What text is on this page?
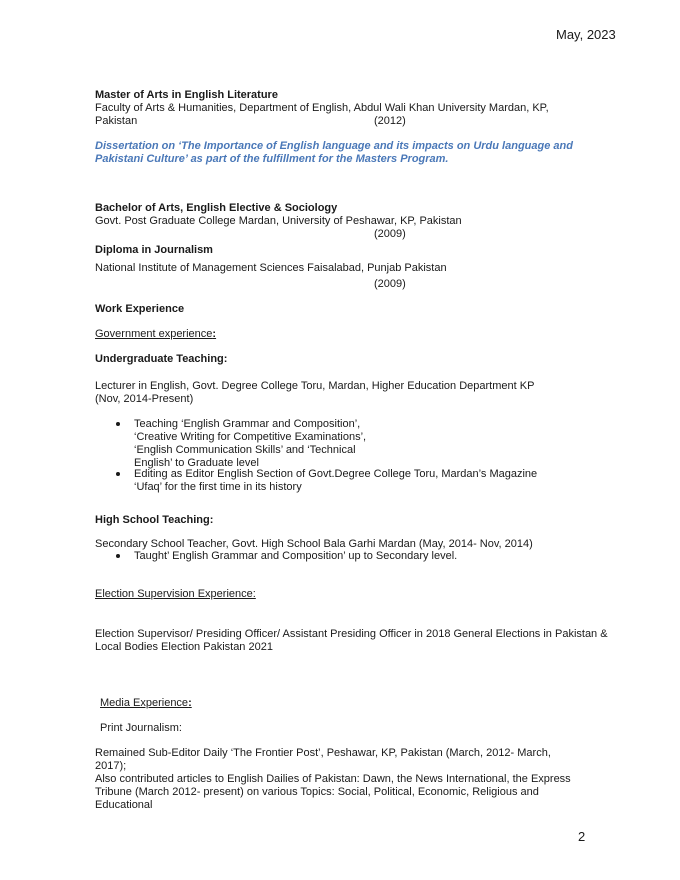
May, 2023
Master of Arts in English Literature
Faculty of Arts & Humanities, Department of English, Abdul Wali Khan University Mardan, KP,
Pakistan	(2012)
Dissertation on ‘The Importance of English language and its impacts on Urdu language and
Pakistani Culture’ as part of the fulfillment for the Masters Program.
Bachelor of Arts, English Elective & Sociology
Govt. Post Graduate College Mardan, University of Peshawar, KP, Pakistan
(2009)
Diploma in Journalism
National Institute of Management Sciences Faisalabad, Punjab Pakistan
(2009)
Work Experience
Government experience:
Undergraduate Teaching:
Lecturer in English, Govt. Degree College Toru, Mardan, Higher Education Department KP
(Nov, 2014-Present)
Teaching ‘English Grammar and Composition’,
‘Creative Writing for Competitive Examinations’,
‘English Communication Skills’ and ‘Technical
English’ to Graduate level
Editing as Editor English Section of Govt.Degree College Toru, Mardan’s Magazine
‘Ufaq’ for the first time in its history
High School Teaching:
Secondary School Teacher, Govt. High School Bala Garhi Mardan (May, 2014- Nov, 2014)
Taught’ English Grammar and Composition’ up to Secondary level.
Election Supervision Experience:
Election Supervisor/ Presiding Officer/ Assistant Presiding Officer in 2018 General Elections in Pakistan &
Local Bodies Election Pakistan 2021
Media Experience:
Print Journalism:
Remained Sub-Editor Daily ‘The Frontier Post’, Peshawar, KP, Pakistan (March, 2012- March,
2017);
Also contributed articles to English Dailies of Pakistan: Dawn, the News International, the Express
Tribune (March 2012- present) on various Topics: Social, Political, Economic, Religious and
Educational
2
